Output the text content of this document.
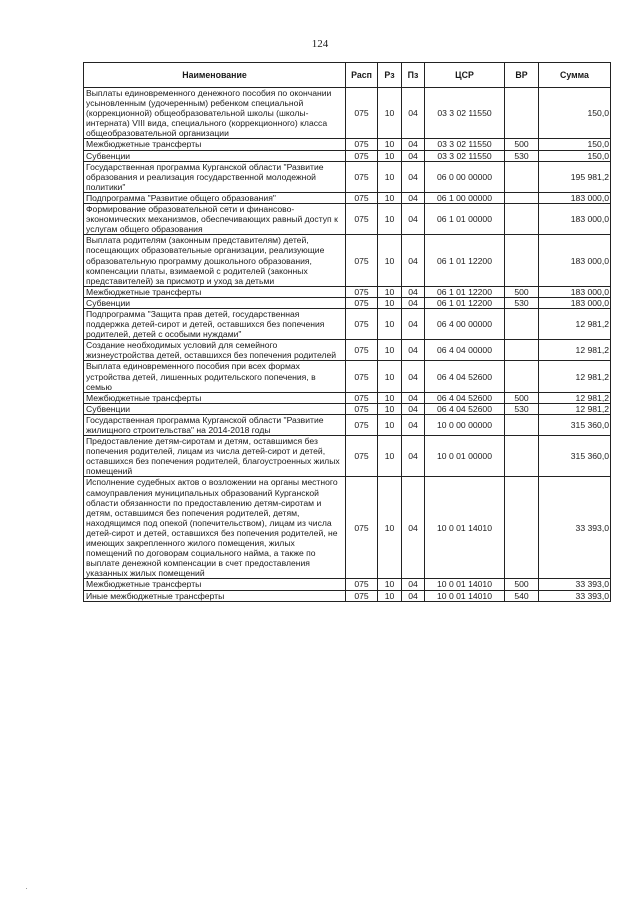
124
Наименование	Расп	Рз	Пз	ЦСР	ВР	Сумма
Выплаты единовременного денежного пособия по окончании усыновленным (удочеренным) ребенком специальной (коррекционной) общеобразовательной школы (школы-интерната) VIII вида, специального (коррекционного) класса общеобразовательной организации	075	10	04	03 3 02 11550		150,0
Межбюджетные трансферты	075	10	04	03 3 02 11550	500	150,0
Субвенции	075	10	04	03 3 02 11550	530	150,0
Государственная программа Курганской области "Развитие образования и реализация государственной молодежной политики"	075	10	04	06 0 00 00000		195 981,2
Подпрограмма "Развитие общего образования"	075	10	04	06 1 00 00000		183 000,0
Формирование образовательной сети и финансово-экономических механизмов, обеспечивающих равный доступ к услугам общего образования	075	10	04	06 1 01 00000		183 000,0
Выплата родителям (законным представителям) детей, посещающих образовательные организации, реализующие образовательную программу дошкольного образования, компенсации платы, взимаемой с родителей (законных представителей) за присмотр и уход за детьми	075	10	04	06 1 01 12200		183 000,0
Межбюджетные трансферты	075	10	04	06 1 01 12200	500	183 000,0
Субвенции	075	10	04	06 1 01 12200	530	183 000,0
Подпрограмма "Защита прав детей, государственная поддержка детей-сирот и детей, оставшихся без попечения родителей, детей с особыми нуждами"	075	10	04	06 4 00 00000		12 981,2
Создание необходимых условий для семейного жизнеустройства детей, оставшихся без попечения родителей	075	10	04	06 4 04 00000		12 981,2
Выплата единовременного пособия при всех формах устройства детей, лишенных родительского попечения, в семью	075	10	04	06 4 04 52600		12 981,2
Межбюджетные трансферты	075	10	04	06 4 04 52600	500	12 981,2
Субвенции	075	10	04	06 4 04 52600	530	12 981,2
Государственная программа Курганской области "Развитие жилищного строительства" на 2014-2018 годы	075	10	04	10 0 00 00000		315 360,0
Предоставление детям-сиротам и детям, оставшимся без попечения родителей, лицам из числа детей-сирот и детей, оставшихся без попечения родителей, благоустроенных жилых помещений	075	10	04	10 0 01 00000		315 360,0
Исполнение судебных актов о возложении на органы местного самоуправления муниципальных образований Курганской области обязанности по предоставлению детям-сиротам и детям, оставшимся без попечения родителей, детям, находящимся под опекой (попечительством), лицам из числа детей-сирот и детей, оставшихся без попечения родителей, не имеющих закрепленного жилого помещения, жилых помещений по договорам социального найма, а также по выплате денежной компенсации в счет предоставления указанных жилых помещений	075	10	04	10 0 01 14010		33 393,0
Межбюджетные трансферты	075	10	04	10 0 01 14010	500	33 393,0
Иные межбюджетные трансферты	075	10	04	10 0 01 14010	540	33 393,0
